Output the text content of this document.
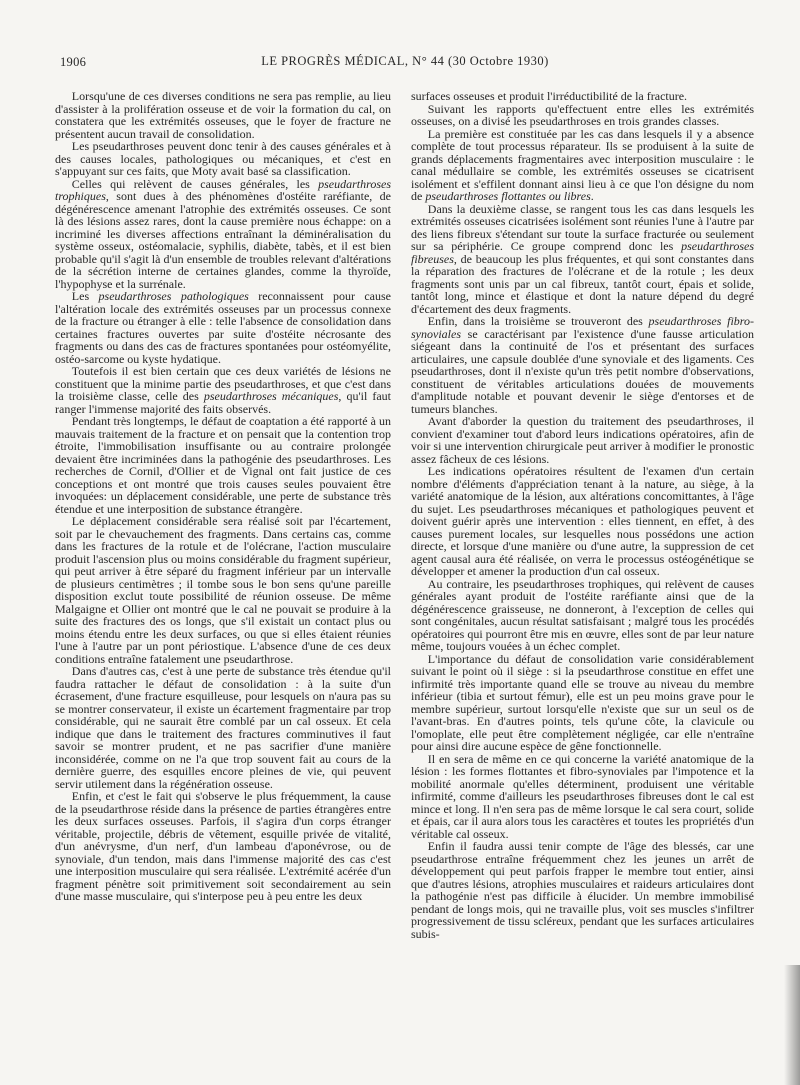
1906	LE PROGRÈS MÉDICAL, N° 44 (30 Octobre 1930)

Lorsqu'une de ces diverses conditions ne sera pas remplie, au lieu d'assister à la prolifération osseuse et de voir la formation du cal, on constatera que les extrémités osseuses, que le foyer de fracture ne présentent aucun travail de consolidation.

Les pseudarthroses peuvent donc tenir à des causes générales et à des causes locales, pathologiques ou mécaniques, et c'est en s'appuyant sur ces faits, que Moty avait basé sa classification.

Celles qui relèvent de causes générales, les pseudarthroses trophiques, sont dues à des phénomènes d'ostéite raréfiante, de dégénérescence amenant l'atrophie des extrémités osseuses. Ce sont là des lésions assez rares, dont la cause première nous échappe: on a incriminé les diverses affections entraînant la déminéralisation du système osseux, ostéomalacie, syphilis, diabète, tabès, et il est bien probable qu'il s'agit là d'un ensemble de troubles relevant d'altérations de la sécrétion interne de certaines glandes, comme la thyroïde, l'hypophyse et la surrénale.

Les pseudarthroses pathologiques reconnaissent pour cause l'altération locale des extrémités osseuses par un processus connexe de la fracture ou étranger à elle : telle l'absence de consolidation dans certaines fractures ouvertes par suite d'ostéite nécrosante des fragments ou dans des cas de fractures spontanées pour ostéomyélite, ostéo-sarcome ou kyste hydatique.

Toutefois il est bien certain que ces deux variétés de lésions ne constituent que la minime partie des pseudarthroses, et que c'est dans la troisième classe, celle des pseudarthroses mécaniques, qu'il faut ranger l'immense majorité des faits observés.

Pendant très longtemps, le défaut de coaptation a été rapporté à un mauvais traitement de la fracture et on pensait que la contention trop étroite, l'immobilisation insuffisante ou au contraire prolongée devaient être incriminées dans la pathogénie des pseudarthroses. Les recherches de Cornil, d'Ollier et de Vignal ont fait justice de ces conceptions et ont montré que trois causes seules pouvaient être invoquées: un déplacement considérable, une perte de substance très étendue et une interposition de substance étrangère.

Le déplacement considérable sera réalisé soit par l'écartement, soit par le chevauchement des fragments. Dans certains cas, comme dans les fractures de la rotule et de l'olécrane, l'action musculaire produit l'ascension plus ou moins considérable du fragment supérieur, qui peut arriver à être séparé du fragment inférieur par un intervalle de plusieurs centimètres ; il tombe sous le bon sens qu'une pareille disposition exclut toute possibilité de réunion osseuse. De même Malgaigne et Ollier ont montré que le cal ne pouvait se produire à la suite des fractures des os longs, que s'il existait un contact plus ou moins étendu entre les deux surfaces, ou que si elles étaient réunies l'une à l'autre par un pont périostique. L'absence d'une de ces deux conditions entraîne fatalement une pseudarthrose.

Dans d'autres cas, c'est à une perte de substance très étendue qu'il faudra rattacher le défaut de consolidation : à la suite d'un écrasement, d'une fracture esquilleuse, pour lesquels on n'aura pas su se montrer conservateur, il existe un écartement fragmentaire par trop considérable, qui ne saurait être comblé par un cal osseux. Et cela indique que dans le traitement des fractures comminutives il faut savoir se montrer prudent, et ne pas sacrifier d'une manière inconsidérée, comme on ne l'a que trop souvent fait au cours de la dernière guerre, des esquilles encore pleines de vie, qui peuvent servir utilement dans la régénération osseuse.

Enfin, et c'est le fait qui s'observe le plus fréquemment, la cause de la pseudarthrose réside dans la présence de parties étrangères entre les deux surfaces osseuses. Parfois, il s'agira d'un corps étranger véritable, projectile, débris de vêtement, esquille privée de vitalité, d'un anévrysme, d'un nerf, d'un lambeau d'aponévrose, ou de synoviale, d'un tendon, mais dans l'immense majorité des cas c'est une interposition musculaire qui sera réalisée. L'extrémité acérée d'un fragment pénètre soit primitivement soit secondairement au sein d'une masse musculaire, qui s'interpose peu à peu entre les deux

surfaces osseuses et produit l'irréductibilité de la fracture.

Suivant les rapports qu'effectuent entre elles les extrémités osseuses, on a divisé les pseudarthroses en trois grandes classes.

La première est constituée par les cas dans lesquels il y a absence complète de tout processus réparateur. Ils se produisent à la suite de grands déplacements fragmentaires avec interposition musculaire : le canal médullaire se comble, les extrémités osseuses se cicatrisent isolément et s'effilent donnant ainsi lieu à ce que l'on désigne du nom de pseudarthroses flottantes ou libres.

Dans la deuxième classe, se rangent tous les cas dans lesquels les extrémités osseuses cicatrisées isolément sont réunies l'une à l'autre par des liens fibreux s'étendant sur toute la surface fracturée ou seulement sur sa périphérie. Ce groupe comprend donc les pseudarthroses fibreuses, de beaucoup les plus fréquentes, et qui sont constantes dans la réparation des fractures de l'olécrane et de la rotule ; les deux fragments sont unis par un cal fibreux, tantôt court, épais et solide, tantôt long, mince et élastique et dont la nature dépend du degré d'écartement des deux fragments.

Enfin, dans la troisième se trouveront des pseudarthroses fibro-synoviales se caractérisant par l'existence d'une fausse articulation siégeant dans la continuité de l'os et présentant des surfaces articulaires, une capsule doublée d'une synoviale et des ligaments. Ces pseudarthroses, dont il n'existe qu'un très petit nombre d'observations, constituent de véritables articulations douées de mouvements d'amplitude notable et pouvant devenir le siège d'entorses et de tumeurs blanches.

Avant d'aborder la question du traitement des pseudarthroses, il convient d'examiner tout d'abord leurs indications opératoires, afin de voir si une intervention chirurgicale peut arriver à modifier le pronostic assez fâcheux de ces lésions.

Les indications opératoires résultent de l'examen d'un certain nombre d'éléments d'appréciation tenant à la nature, au siège, à la variété anatomique de la lésion, aux altérations concomittantes, à l'âge du sujet. Les pseudarthroses mécaniques et pathologiques peuvent et doivent guérir après une intervention : elles tiennent, en effet, à des causes purement locales, sur lesquelles nous possédons une action directe, et lorsque d'une manière ou d'une autre, la suppression de cet agent causal aura été réalisée, on verra le processus ostéogénétique se développer et amener la production d'un cal osseux.

Au contraire, les pseudarthroses trophiques, qui relèvent de causes générales ayant produit de l'ostéite raréfiante ainsi que de la dégénérescence graisseuse, ne donneront, à l'exception de celles qui sont congénitales, aucun résultat satisfaisant ; malgré tous les procédés opératoires qui pourront être mis en œuvre, elles sont de par leur nature même, toujours vouées à un échec complet.

L'importance du défaut de consolidation varie considérablement suivant le point où il siège : si la pseudarthrose constitue en effet une infirmité très importante quand elle se trouve au niveau du membre inférieur (tibia et surtout fémur), elle est un peu moins grave pour le membre supérieur, surtout lorsqu'elle n'existe que sur un seul os de l'avant-bras. En d'autres points, tels qu'une côte, la clavicule ou l'omoplate, elle peut être complètement négligée, car elle n'entraîne pour ainsi dire aucune espèce de gêne fonctionnelle.

Il en sera de même en ce qui concerne la variété anatomique de la lésion : les formes flottantes et fibro-synoviales par l'impotence et la mobilité anormale qu'elles déterminent, produisent une véritable infirmité, comme d'ailleurs les pseudarthroses fibreuses dont le cal est mince et long. Il n'en sera pas de même lorsque le cal sera court, solide et épais, car il aura alors tous les caractères et toutes les propriétés d'un véritable cal osseux.

Enfin il faudra aussi tenir compte de l'âge des blessés, car une pseudarthrose entraîne fréquemment chez les jeunes un arrêt de développement qui peut parfois frapper le membre tout entier, ainsi que d'autres lésions, atrophies musculaires et raideurs articulaires dont la pathogénie n'est pas difficile à élucider. Un membre immobilisé pendant de longs mois, qui ne travaille plus, voit ses muscles s'infiltrer progressivement de tissu scléreux, pendant que les surfaces articulaires subis-
